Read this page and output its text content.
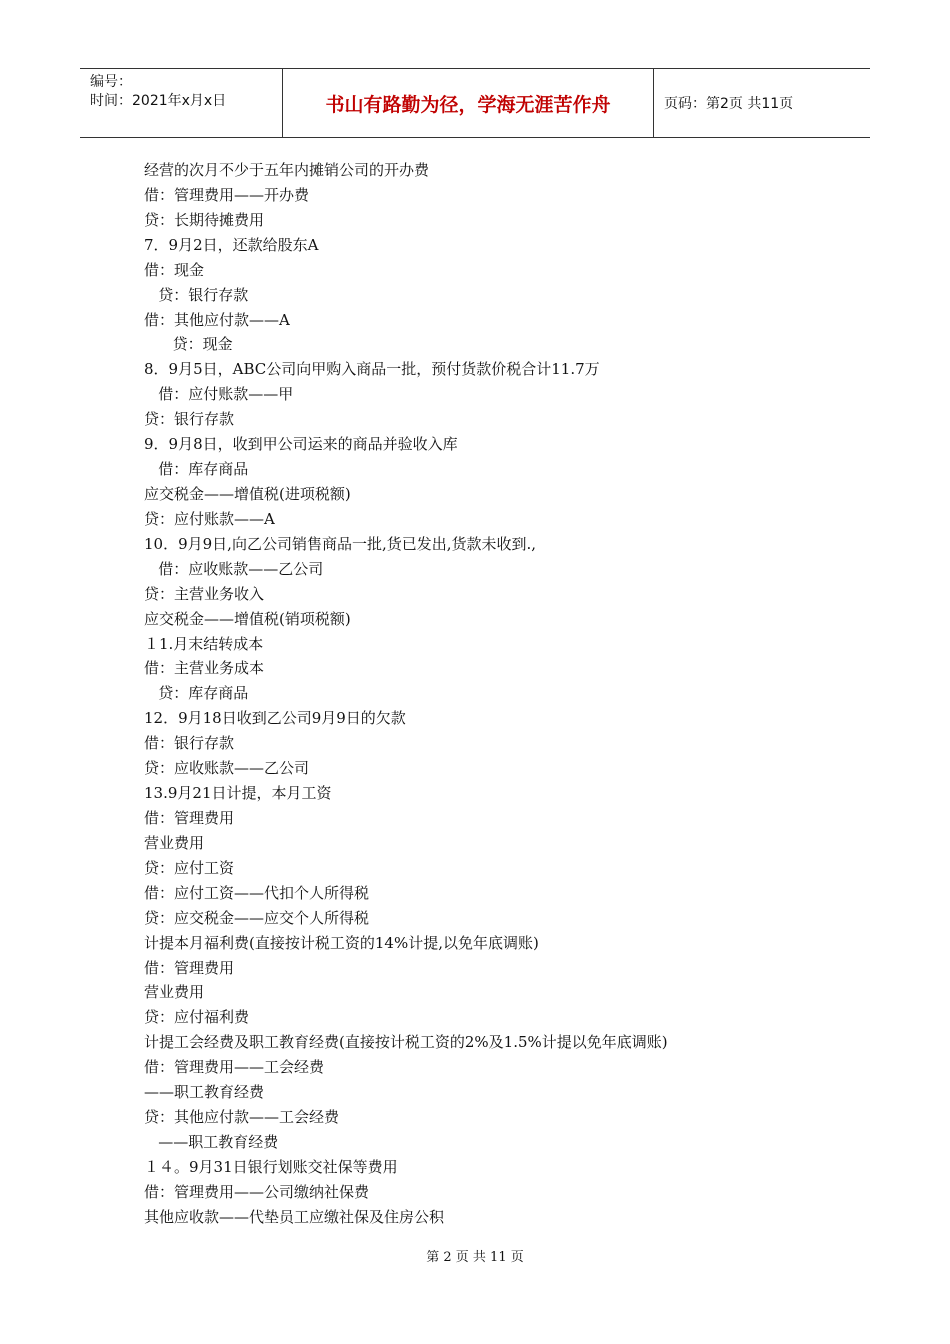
编号：
时间：2021年x月x日	书山有路勤为径，学海无涯苦作舟	页码：第2页 共11页
经营的次月不少于五年内摊销公司的开办费
借：管理费用——开办费
贷：长期待摊费用
7．9月2日，还款给股东A
借：现金
贷：银行存款
借：其他应付款——A
贷：现金
8．9月5日，ABC公司向甲购入商品一批，预付货款价税合计11.7万
借：应付账款——甲
贷：银行存款
9．9月8日，收到甲公司运来的商品并验收入库
借：库存商品
应交税金——增值税(进项税额)
贷：应付账款——A
10．9月9日,向乙公司销售商品一批,货已发出,货款未收到.,
借：应收账款——乙公司
贷：主营业务收入
应交税金——增值税(销项税额)
１1.月末结转成本
借：主营业务成本
贷：库存商品
12．9月18日收到乙公司9月9日的欠款
借：银行存款
贷：应收账款——乙公司
13.9月21日计提，本月工资
借：管理费用
营业费用
贷：应付工资
借：应付工资——代扣个人所得税
贷：应交税金——应交个人所得税
计提本月福利费(直接按计税工资的14%计提,以免年底调账)
借：管理费用
营业费用
贷：应付福利费
计提工会经费及职工教育经费(直接按计税工资的2%及1.5%计提以免年底调账)
借：管理费用——工会经费
——职工教育经费
贷：其他应付款——工会经费
——职工教育经费
１４。9月31日银行划账交社保等费用
借：管理费用——公司缴纳社保费
其他应收款——代垫员工应缴社保及住房公积
第 2 页 共 11 页
